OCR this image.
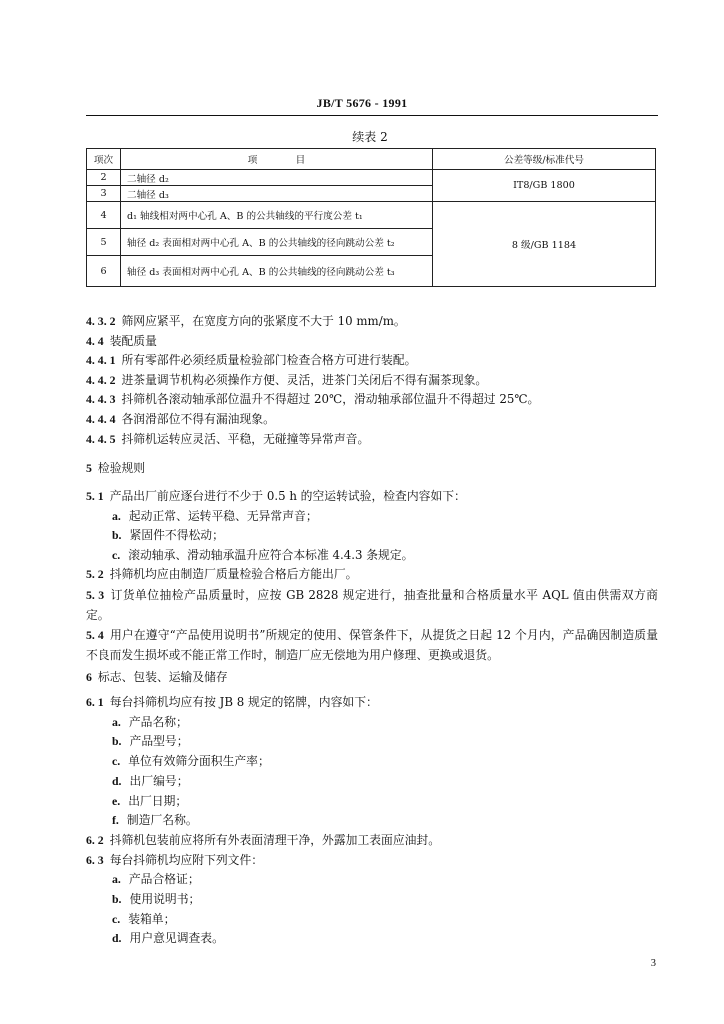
JB/T 5676 - 1991
续表 2
项次	项　　　　目	公差等级/标准代号
2	二轴径 d₂	IT8/GB 1800
3	二轴径 d₃	
4	d₁ 轴线相对两中心孔 A、B 的公共轴线的平行度公差 t₁	8 级/GB 1184
5	轴径 d₂ 表面相对两中心孔 A、B 的公共轴线的径向跳动公差 t₂	
6	轴径 d₃ 表面相对两中心孔 A、B 的公共轴线的径向跳动公差 t₃	

4. 3. 2 筛网应紧平，在宽度方向的张紧度不大于 10 mm/m。

4. 4 装配质量

4. 4. 1 所有零部件必须经质量检验部门检查合格方可进行装配。

4. 4. 2 进茶量调节机构必须操作方便、灵活，进茶门关闭后不得有漏茶现象。

4. 4. 3 抖筛机各滚动轴承部位温升不得超过 20℃，滑动轴承部位温升不得超过 25℃。

4. 4. 4 各润滑部位不得有漏油现象。

4. 4. 5 抖筛机运转应灵活、平稳，无碰撞等异常声音。

5 检验规则

5. 1 产品出厂前应逐台进行不少于 0.5 h 的空运转试验，检查内容如下：

a. 起动正常、运转平稳、无异常声音；

b. 紧固件不得松动；

c. 滚动轴承、滑动轴承温升应符合本标准 4.4.3 条规定。

5. 2 抖筛机均应由制造厂质量检验合格后方能出厂。

5. 3 订货单位抽检产品质量时，应按 GB 2828 规定进行，抽查批量和合格质量水平 AQL 值由供需双方商定。

5. 4 用户在遵守“产品使用说明书”所规定的使用、保管条件下，从提货之日起 12 个月内，产品确因制造质量不良而发生损坏或不能正常工作时，制造厂应无偿地为用户修理、更换或退货。

6 标志、包装、运输及储存

6. 1 每台抖筛机均应有按 JB 8 规定的铭牌，内容如下：

a. 产品名称；

b. 产品型号；

c. 单位有效筛分面积生产率；

d. 出厂编号；

e. 出厂日期；

f. 制造厂名称。

6. 2 抖筛机包装前应将所有外表面清理干净，外露加工表面应油封。

6. 3 每台抖筛机均应附下列文件：

a. 产品合格证；

b. 使用说明书；

c. 装箱单；

d. 用户意见调查表。

3
